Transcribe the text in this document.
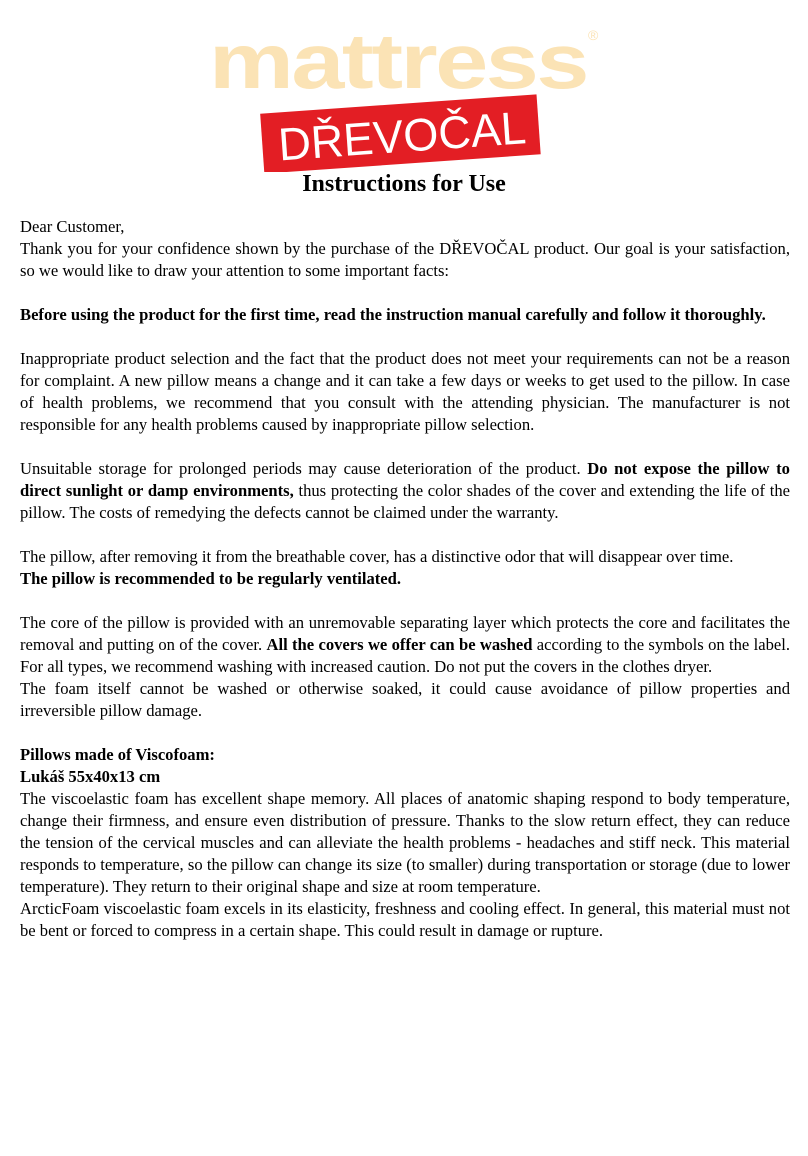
mattress ®
DŘEVOČAL
Instructions for Use

Dear Customer,

Thank you for your confidence shown by the purchase of the DŘEVOČAL product. Our goal is your satisfaction, so we would like to draw your attention to some important facts:

Before using the product for the first time, read the instruction manual carefully and follow it thoroughly.

Inappropriate product selection and the fact that the product does not meet your requirements can not be a reason for complaint. A new pillow means a change and it can take a few days or weeks to get used to the pillow. In case of health problems, we recommend that you consult with the attending physician. The manufacturer is not responsible for any health problems caused by inappropriate pillow selection.

Unsuitable storage for prolonged periods may cause deterioration of the product. Do not expose the pillow to direct sunlight or damp environments, thus protecting the color shades of the cover and extending the life of the pillow. The costs of remedying the defects cannot be claimed under the warranty.

The pillow, after removing it from the breathable cover, has a distinctive odor that will disappear over time.

The pillow is recommended to be regularly ventilated.

The core of the pillow is provided with an unremovable separating layer which protects the core and facilitates the removal and putting on of the cover. All the covers we offer can be washed according to the symbols on the label. For all types, we recommend washing with increased caution. Do not put the covers in the clothes dryer.

The foam itself cannot be washed or otherwise soaked, it could cause avoidance of pillow properties and irreversible pillow damage.

Pillows made of Viscofoam:

Lukáš 55x40x13 cm

The viscoelastic foam has excellent shape memory. All places of anatomic shaping respond to body temperature, change their firmness, and ensure even distribution of pressure. Thanks to the slow return effect, they can reduce the tension of the cervical muscles and can alleviate the health problems - headaches and stiff neck. This material responds to temperature, so the pillow can change its size (to smaller) during transportation or storage (due to lower temperature). They return to their original shape and size at room temperature.

ArcticFoam viscoelastic foam excels in its elasticity, freshness and cooling effect. In general, this material must not be bent or forced to compress in a certain shape. This could result in damage or rupture.
